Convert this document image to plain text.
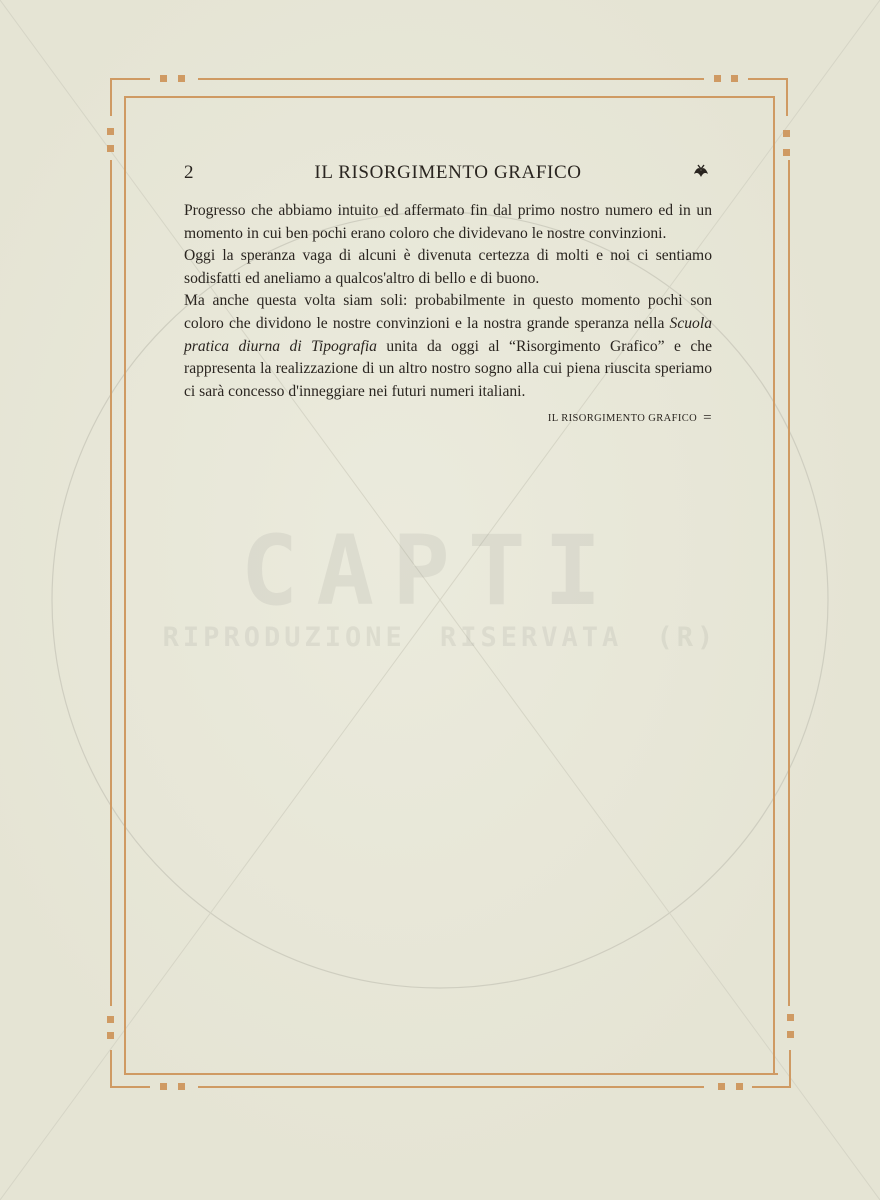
CAPTI
RIPRODUZIONE RISERVATA (R)
2	IL RISORGIMENTO GRAFICO

Progresso che abbiamo intuito ed affermato fin dal primo nostro numero ed in un momento in cui ben pochi erano coloro che dividevano le nostre convinzioni.

Oggi la speranza vaga di alcuni è divenuta certezza di molti e noi ci sentiamo sodisfatti ed aneliamo a qualcos'altro di bello e di buono.

Ma anche questa volta siam soli: probabilmente in questo momento pochi son coloro che dividono le nostre convinzioni e la nostra grande speranza nella Scuola pratica diurna di Tipografia unita da oggi al “Risorgimento Grafico” e che rappresenta la realizzazione di un altro nostro sogno alla cui piena riuscita speriamo ci sarà concesso d'inneggiare nei futuri numeri italiani.

IL RISORGIMENTO GRAFICO =
